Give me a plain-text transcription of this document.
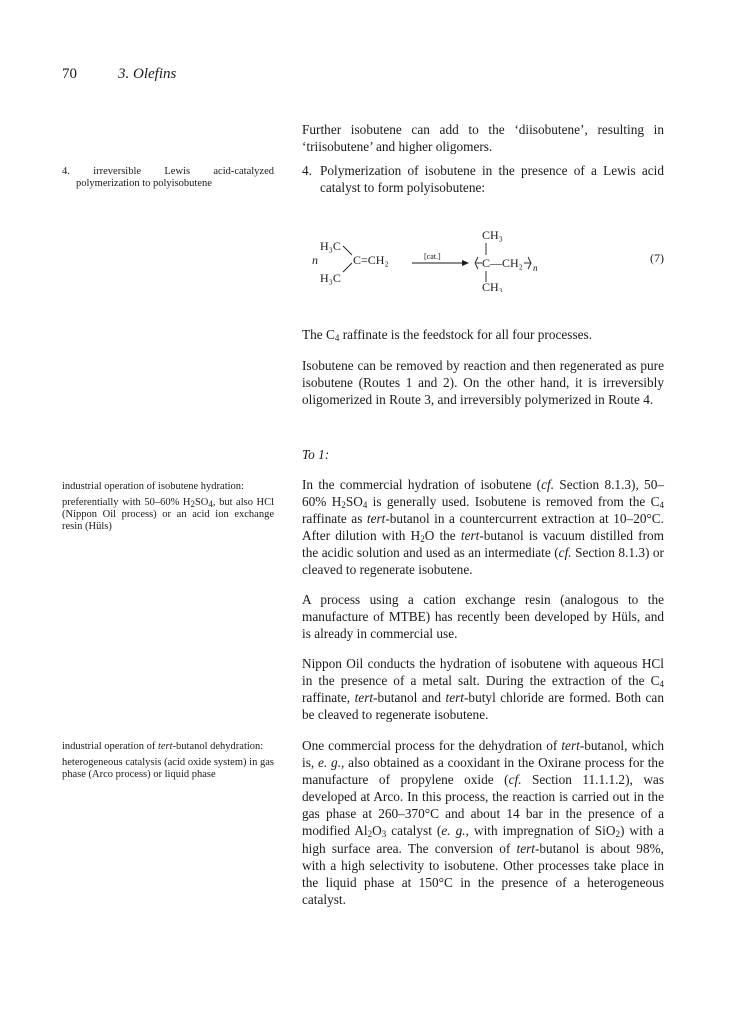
70	3. Olefins
4. irreversible Lewis acid-catalyzed polymerization to polyisobutene

industrial operation of isobutene hydration:

preferentially with 50–60% $H_2SO_4$, but also HCl (Nippon Oil process) or an acid ion exchange resin (Hüls)

industrial operation of tert-butanol dehydration:

heterogeneous catalysis (acid oxide system) in gas phase (Arco process) or liquid phase

Further isobutene can add to the ‘diisobutene’, resulting in ‘triisobutene’ and higher oligomers.

4. Polymerization of isobutene in the presence of a Lewis acid catalyst to form polyisobutene:
n
H₃C
H₃C
C=CH₂	[cat.]
CH₃
C—CH₂ n
CH₃
(7)

The $C_4$ raffinate is the feedstock for all four processes.

Isobutene can be removed by reaction and then regenerated as pure isobutene (Routes 1 and 2). On the other hand, it is irreversibly oligomerized in Route 3, and irreversibly polymerized in Route 4.

To 1:

In the commercial hydration of isobutene (cf. Section 8.1.3), 50–60% $H_2SO_4$ is generally used. Isobutene is removed from the $C_4$ raffinate as tert-butanol in a countercurrent extraction at 10–20°C. After dilution with $H_2O$ the tert-butanol is vacuum distilled from the acidic solution and used as an intermediate (cf. Section 8.1.3) or cleaved to regenerate isobutene.

A process using a cation exchange resin (analogous to the manufacture of MTBE) has recently been developed by Hüls, and is already in commercial use.

Nippon Oil conducts the hydration of isobutene with aqueous HCl in the presence of a metal salt. During the extraction of the $C_4$ raffinate, tert-butanol and tert-butyl chloride are formed. Both can be cleaved to regenerate isobutene.

One commercial process for the dehydration of tert-butanol, which is, e. g., also obtained as a cooxidant in the Oxirane process for the manufacture of propylene oxide (cf. Section 11.1.1.2), was developed at Arco. In this process, the reaction is carried out in the gas phase at 260–370°C and about 14 bar in the presence of a modified $Al_2O_3$ catalyst (e. g., with impregnation of SiO$_2$) with a high surface area. The conversion of tert-butanol is about 98%, with a high selectivity to isobutene. Other processes take place in the liquid phase at 150°C in the presence of a heterogeneous catalyst.
